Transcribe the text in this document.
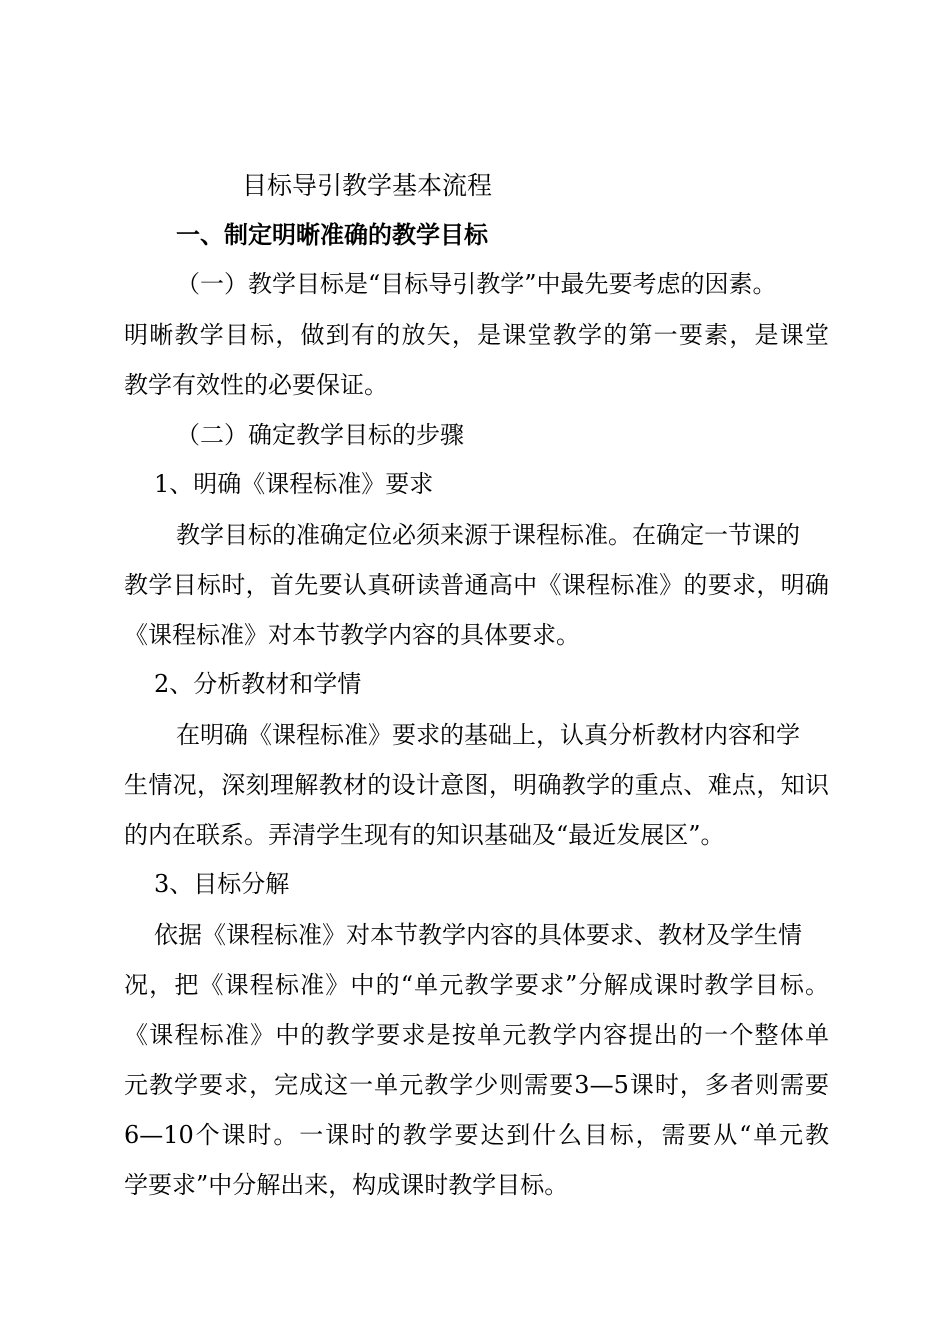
目标导引教学基本流程
一、制定明晰准确的教学目标
（一）教学目标是“目标导引教学”中最先要考虑的因素。
明晰教学目标，做到有的放矢，是课堂教学的第一要素，是课堂
教学有效性的必要保证。
（二）确定教学目标的步骤
1、明确《课程标准》要求
教学目标的准确定位必须来源于课程标准。在确定一节课的
教学目标时，首先要认真研读普通高中《课程标准》的要求，明确
《课程标准》对本节教学内容的具体要求。
2、分析教材和学情
在明确《课程标准》要求的基础上，认真分析教材内容和学
生情况，深刻理解教材的设计意图，明确教学的重点、难点，知识
的内在联系。弄清学生现有的知识基础及“最近发展区”。
3、目标分解
依据《课程标准》对本节教学内容的具体要求、教材及学生情
况，把《课程标准》中的“单元教学要求”分解成课时教学目标。
《课程标准》中的教学要求是按单元教学内容提出的一个整体单
元教学要求，完成这一单元教学少则需要3—5课时，多者则需要
6—10个课时。一课时的教学要达到什么目标，需要从“单元教
学要求”中分解出来，构成课时教学目标。
